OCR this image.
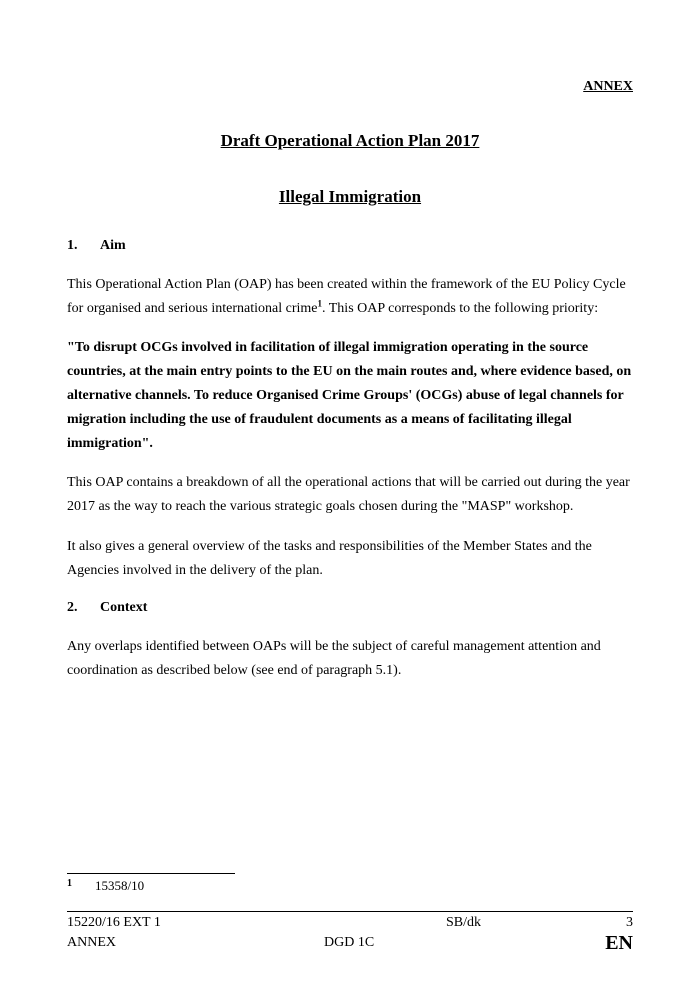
ANNEX
Draft Operational Action Plan 2017
Illegal Immigration
1. Aim
This Operational Action Plan (OAP) has been created within the framework of the EU Policy Cycle for organised and serious international crime$^1$. This OAP corresponds to the following priority:
"To disrupt OCGs involved in facilitation of illegal immigration operating in the source countries, at the main entry points to the EU on the main routes and, where evidence based, on alternative channels. To reduce Organised Crime Groups' (OCGs) abuse of legal channels for migration including the use of fraudulent documents as a means of facilitating illegal immigration".
This OAP contains a breakdown of all the operational actions that will be carried out during the year 2017 as the way to reach the various strategic goals chosen during the "MASP" workshop.
It also gives a general overview of the tasks and responsibilities of the Member States and the Agencies involved in the delivery of the plan.
2. Context
Any overlaps identified between OAPs will be the subject of careful management attention and coordination as described below (see end of paragraph 5.1).
1 15358/10
15220/16 EXT 1	SB/dk	3
ANNEX	DGD 1C	EN
